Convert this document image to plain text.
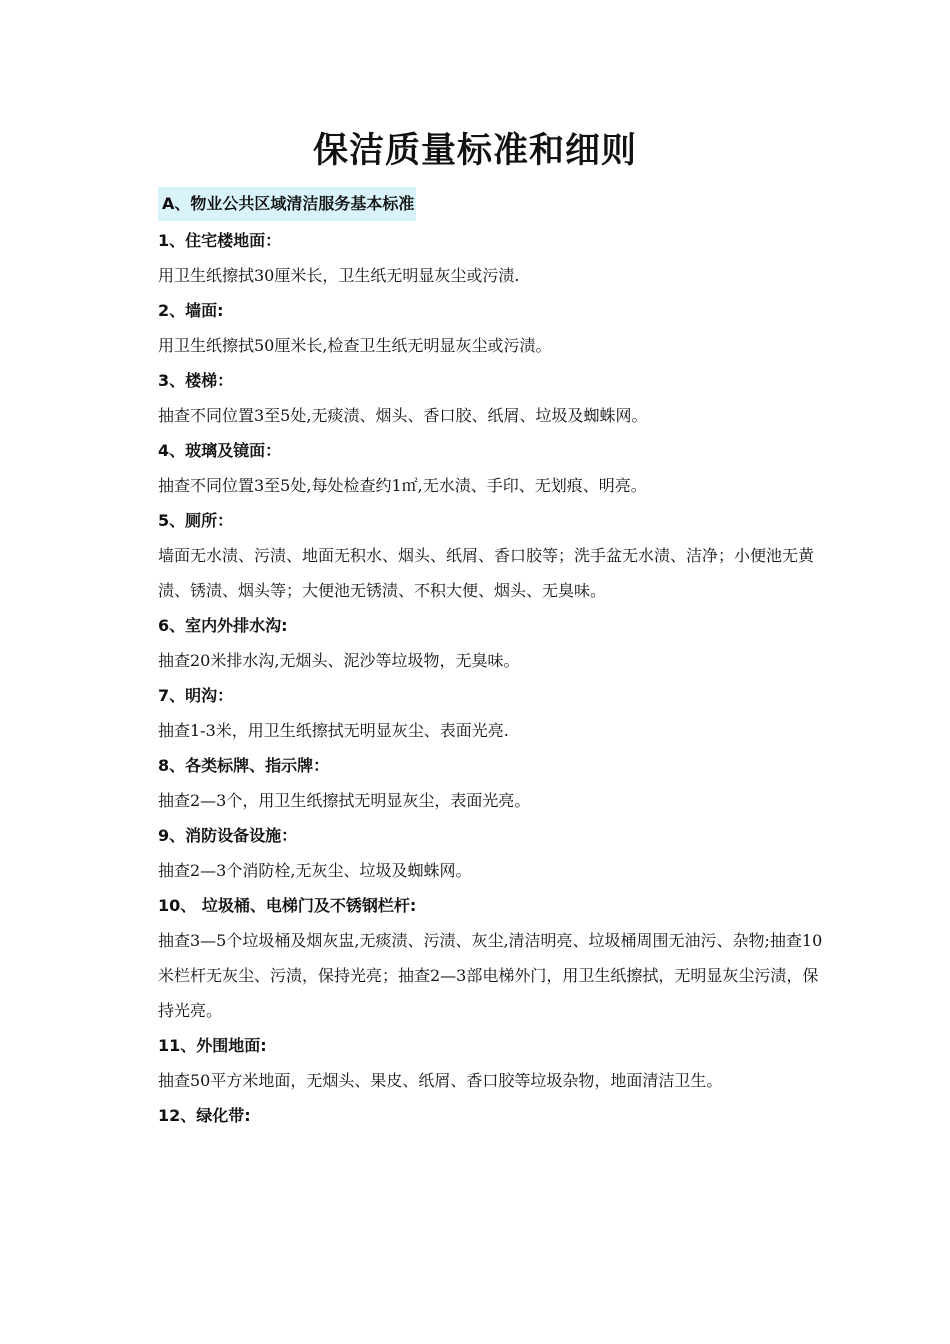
保洁质量标准和细则
A、物业公共区域清洁服务基本标准

1、住宅楼地面：

用卫生纸擦拭30厘米长，卫生纸无明显灰尘或污渍.

2、墙面:

用卫生纸擦拭50厘米长,检查卫生纸无明显灰尘或污渍。

3、楼梯：

抽查不同位置3至5处,无痰渍、烟头、香口胶、纸屑、垃圾及蜘蛛网。

4、玻璃及镜面：

抽查不同位置3至5处,每处检查约1㎡,无水渍、手印、无划痕、明亮。

5、厕所：

墙面无水渍、污渍、地面无积水、烟头、纸屑、香口胶等；洗手盆无水渍、洁净；小便池无黄渍、锈渍、烟头等；大便池无锈渍、不积大便、烟头、无臭味。

6、室内外排水沟:

抽查20米排水沟,无烟头、泥沙等垃圾物，无臭味。

7、明沟：

抽查1-3米，用卫生纸擦拭无明显灰尘、表面光亮.

8、各类标牌、指示牌：

抽查2—3个，用卫生纸擦拭无明显灰尘，表面光亮。

9、消防设备设施：

抽查2—3个消防栓,无灰尘、垃圾及蜘蛛网。

10、 垃圾桶、电梯门及不锈钢栏杆:

抽查3—5个垃圾桶及烟灰盅,无痰渍、污渍、灰尘,清洁明亮、垃圾桶周围无油污、杂物;抽查10米栏杆无灰尘、污渍，保持光亮；抽查2—3部电梯外门，用卫生纸擦拭，无明显灰尘污渍，保持光亮。

11、外围地面:

抽查50平方米地面，无烟头、果皮、纸屑、香口胶等垃圾杂物，地面清洁卫生。

12、绿化带:
